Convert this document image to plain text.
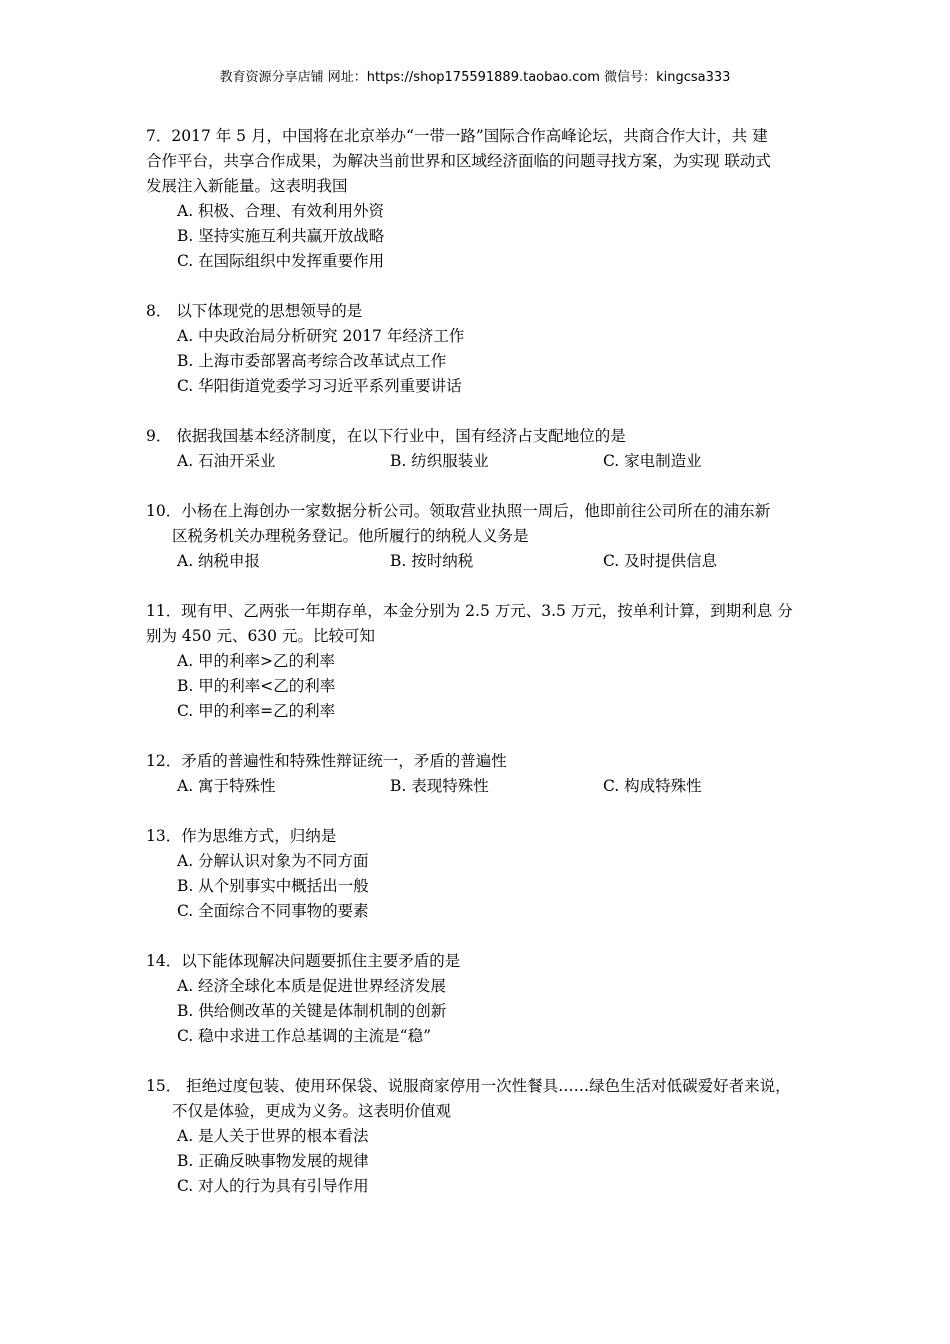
教育资源分享店铺 网址：https://shop175591889.taobao.com 微信号：kingcsa333
7．2017 年 5 月，中国将在北京举办“一带一路”国际合作高峰论坛，共商合作大计，共 建
合作平台，共享合作成果，为解决当前世界和区域经济面临的问题寻找方案，为实现 联动式
发展注入新能量。这表明我国
A. 积极、合理、有效利用外资
B. 坚持实施互利共赢开放战略
C. 在国际组织中发挥重要作用
8． 以下体现党的思想领导的是
A. 中央政治局分析研究 2017 年经济工作
B. 上海市委部署高考综合改革试点工作
C. 华阳街道党委学习习近平系列重要讲话
9． 依据我国基本经济制度，在以下行业中，国有经济占支配地位的是
A. 石油开采业	B. 纺织服装业	C. 家电制造业
10．小杨在上海创办一家数据分析公司。领取营业执照一周后，他即前往公司所在的浦东新
区税务机关办理税务登记。他所履行的纳税人义务是
A. 纳税申报	B. 按时纳税	C. 及时提供信息
11．现有甲、乙两张一年期存单，本金分别为 2.5 万元、3.5 万元，按单利计算，到期利息 分
别为 450 元、630 元。比较可知
A. 甲的利率>乙的利率
B. 甲的利率<乙的利率
C. 甲的利率=乙的利率
12．矛盾的普遍性和特殊性辩证统一，矛盾的普遍性
A. 寓于特殊性	B. 表现特殊性	C. 构成特殊性
13．作为思维方式，归纳是
A. 分解认识对象为不同方面
B. 从个别事实中概括出一般
C. 全面综合不同事物的要素
14．以下能体现解决问题要抓住主要矛盾的是
A. 经济全球化本质是促进世界经济发展
B. 供给侧改革的关键是体制机制的创新
C. 稳中求进工作总基调的主流是“稳”
15． 拒绝过度包装、使用环保袋、说服商家停用一次性餐具……绿色生活对低碳爱好者来说，
不仅是体验，更成为义务。这表明价值观
A. 是人关于世界的根本看法
B. 正确反映事物发展的规律
C. 对人的行为具有引导作用
